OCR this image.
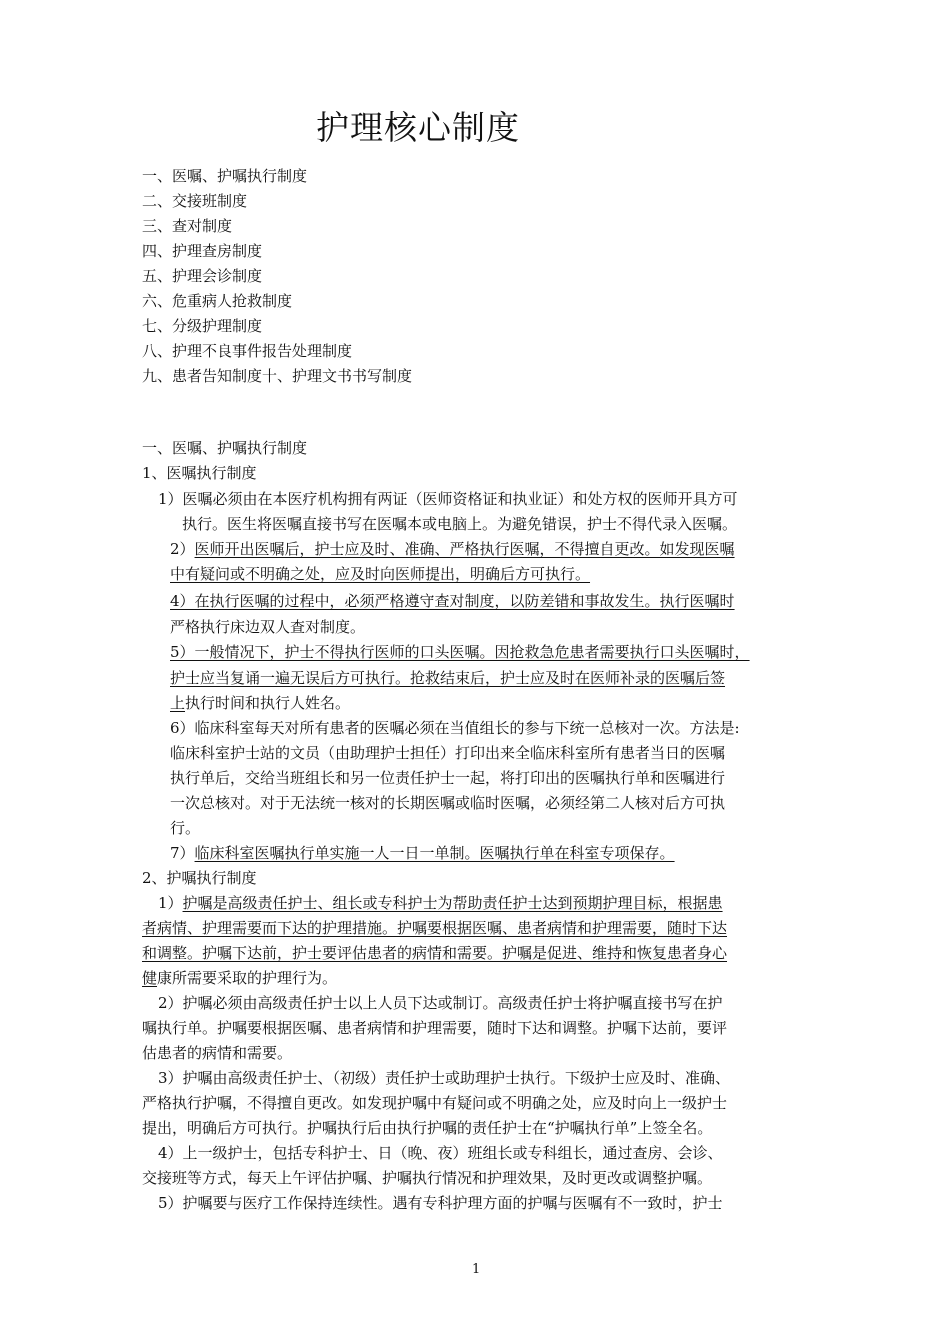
护理核心制度
一、医嘱、护嘱执行制度
二、交接班制度
三、查对制度
四、护理查房制度
五、护理会诊制度
六、危重病人抢救制度
七、分级护理制度
八、护理不良事件报告处理制度
九、患者告知制度十、护理文书书写制度
一、医嘱、护嘱执行制度
1、医嘱执行制度
1）医嘱必须由在本医疗机构拥有两证（医师资格证和执业证）和处方权的医师开具方可
执行。医生将医嘱直接书写在医嘱本或电脑上。为避免错误，护士不得代录入医嘱。
2）医师开出医嘱后，护士应及时、准确、严格执行医嘱，不得擅自更改。如发现医嘱
中有疑问或不明确之处，应及时向医师提出，明确后方可执行。
4）在执行医嘱的过程中，必须严格遵守查对制度，以防差错和事故发生。执行医嘱时
严格执行床边双人查对制度。
5）一般情况下，护士不得执行医师的口头医嘱。因抢救急危患者需要执行口头医嘱时，
护士应当复诵一遍无误后方可执行。抢救结束后，护士应及时在医师补录的医嘱后签
上执行时间和执行人姓名。
6）临床科室每天对所有患者的医嘱必须在当值组长的参与下统一总核对一次。方法是:
临床科室护士站的文员（由助理护士担任）打印出来全临床科室所有患者当日的医嘱
执行单后，交给当班组长和另一位责任护士一起，将打印出的医嘱执行单和医嘱进行
一次总核对。对于无法统一核对的长期医嘱或临时医嘱，必须经第二人核对后方可执
行。
7）临床科室医嘱执行单实施一人一日一单制。医嘱执行单在科室专项保存。
2、护嘱执行制度
1）护嘱是高级责任护士、组长或专科护士为帮助责任护士达到预期护理目标，根据患
者病情、护理需要而下达的护理措施。护嘱要根据医嘱、患者病情和护理需要，随时下达
和调整。护嘱下达前，护士要评估患者的病情和需要。护嘱是促进、维持和恢复患者身心
健康所需要采取的护理行为。
2）护嘱必须由高级责任护士以上人员下达或制订。高级责任护士将护嘱直接书写在护
嘱执行单。护嘱要根据医嘱、患者病情和护理需要，随时下达和调整。护嘱下达前，要评
估患者的病情和需要。
3）护嘱由高级责任护士、（初级）责任护士或助理护士执行。下级护士应及时、准确、
严格执行护嘱，不得擅自更改。如发现护嘱中有疑问或不明确之处，应及时向上一级护士
提出，明确后方可执行。护嘱执行后由执行护嘱的责任护士在“护嘱执行单”上签全名。
4）上一级护士，包括专科护士、日（晚、夜）班组长或专科组长，通过查房、会诊、
交接班等方式，每天上午评估护嘱、护嘱执行情况和护理效果，及时更改或调整护嘱。
5）护嘱要与医疗工作保持连续性。遇有专科护理方面的护嘱与医嘱有不一致时，护士
1
